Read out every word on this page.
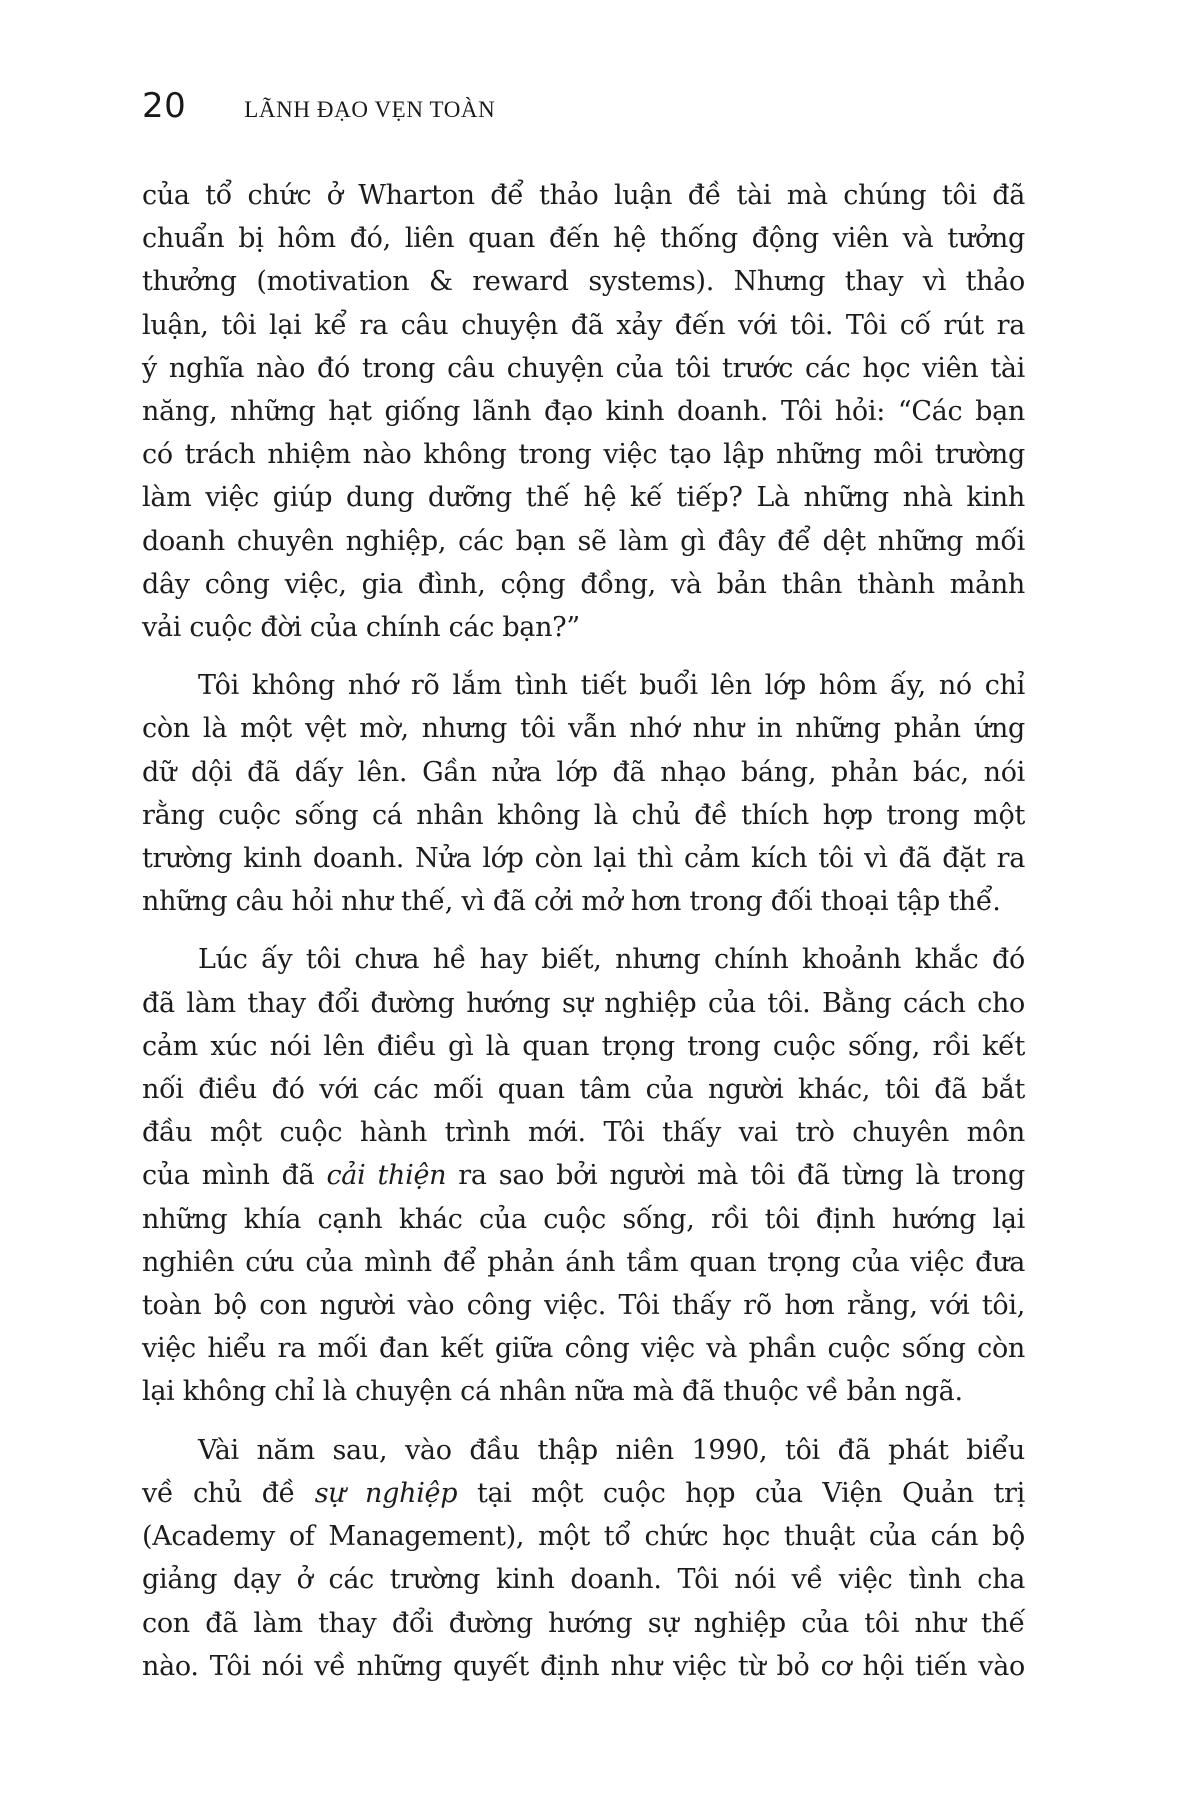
20	LÃNH ĐẠO VẸN TOÀN
của tổ chức ở Wharton để thảo luận đề tài mà chúng tôi đã
chuẩn bị hôm đó, liên quan đến hệ thống động viên và tưởng
thưởng (motivation & reward systems). Nhưng thay vì thảo
luận, tôi lại kể ra câu chuyện đã xảy đến với tôi. Tôi cố rút ra
ý nghĩa nào đó trong câu chuyện của tôi trước các học viên tài
năng, những hạt giống lãnh đạo kinh doanh. Tôi hỏi: “Các bạn
có trách nhiệm nào không trong việc tạo lập những môi trường
làm việc giúp dung dưỡng thế hệ kế tiếp? Là những nhà kinh
doanh chuyên nghiệp, các bạn sẽ làm gì đây để dệt những mối
dây công việc, gia đình, cộng đồng, và bản thân thành mảnh
vải cuộc đời của chính các bạn?”
Tôi không nhớ rõ lắm tình tiết buổi lên lớp hôm ấy, nó chỉ
còn là một vệt mờ, nhưng tôi vẫn nhớ như in những phản ứng
dữ dội đã dấy lên. Gần nửa lớp đã nhạo báng, phản bác, nói
rằng cuộc sống cá nhân không là chủ đề thích hợp trong một
trường kinh doanh. Nửa lớp còn lại thì cảm kích tôi vì đã đặt ra
những câu hỏi như thế, vì đã cởi mở hơn trong đối thoại tập thể.
Lúc ấy tôi chưa hề hay biết, nhưng chính khoảnh khắc đó
đã làm thay đổi đường hướng sự nghiệp của tôi. Bằng cách cho
cảm xúc nói lên điều gì là quan trọng trong cuộc sống, rồi kết
nối điều đó với các mối quan tâm của người khác, tôi đã bắt
đầu một cuộc hành trình mới. Tôi thấy vai trò chuyên môn
của mình đã cải thiện ra sao bởi người mà tôi đã từng là trong
những khía cạnh khác của cuộc sống, rồi tôi định hướng lại
nghiên cứu của mình để phản ánh tầm quan trọng của việc đưa
toàn bộ con người vào công việc. Tôi thấy rõ hơn rằng, với tôi,
việc hiểu ra mối đan kết giữa công việc và phần cuộc sống còn
lại không chỉ là chuyện cá nhân nữa mà đã thuộc về bản ngã.
Vài năm sau, vào đầu thập niên 1990, tôi đã phát biểu
về chủ đề sự nghiệp tại một cuộc họp của Viện Quản trị
(Academy of Management), một tổ chức học thuật của cán bộ
giảng dạy ở các trường kinh doanh. Tôi nói về việc tình cha
con đã làm thay đổi đường hướng sự nghiệp của tôi như thế
nào. Tôi nói về những quyết định như việc từ bỏ cơ hội tiến vào
